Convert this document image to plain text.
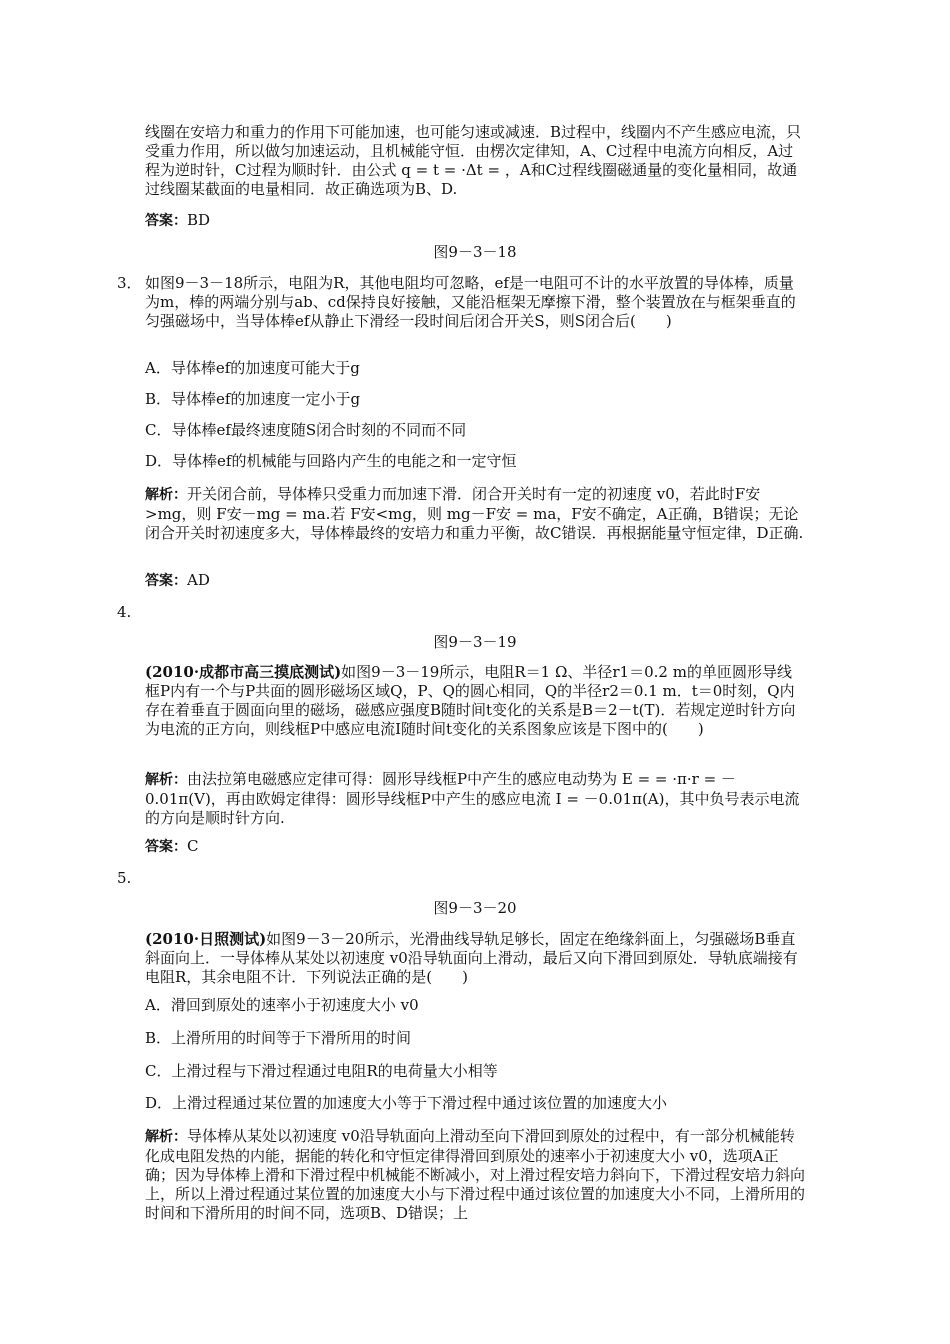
线圈在安培力和重力的作用下可能加速，也可能匀速或减速．B过程中，线圈内不产生感应电流，只受重力作用，所以做匀加速运动，且机械能守恒．由楞次定律知，A、C过程中电流方向相反，A过程为逆时针，C过程为顺时针．由公式 q = t = ·Δt = ，A和C过程线圈磁通量的变化量相同，故通过线圈某截面的电量相同．故正确选项为B、D.
答案：BD
图9－3－18
3． 如图9－3－18所示，电阻为R，其他电阻均可忽略，ef是一电阻可不计的水平放置的导体棒，质量为m，棒的两端分别与ab、cd保持良好接触，又能沿框架无摩擦下滑，整个装置放在与框架垂直的匀强磁场中，当导体棒ef从静止下滑经一段时间后闭合开关S，则S闭合后(　　)
A．导体棒ef的加速度可能大于g
B．导体棒ef的加速度一定小于g
C．导体棒ef最终速度随S闭合时刻的不同而不同
D．导体棒ef的机械能与回路内产生的电能之和一定守恒
解析：开关闭合前，导体棒只受重力而加速下滑．闭合开关时有一定的初速度 v0，若此时F安>mg，则 F安－mg = ma.若 F安<mg，则 mg－F安 = ma，F安不确定，A正确，B错误；无论闭合开关时初速度多大，导体棒最终的安培力和重力平衡，故C错误．再根据能量守恒定律，D正确.
答案：AD
4.
图9－3－19
(2010·成都市高三摸底测试)如图9－3－19所示，电阻R＝1 Ω、半径r1＝0.2 m的单匝圆形导线框P内有一个与P共面的圆形磁场区域Q，P、Q的圆心相同，Q的半径r2＝0.1 m．t＝0时刻，Q内存在着垂直于圆面向里的磁场，磁感应强度B随时间t变化的关系是B＝2－t(T)．若规定逆时针方向为电流的正方向，则线框P中感应电流I随时间t变化的关系图象应该是下图中的(　　)
解析：由法拉第电磁感应定律可得：圆形导线框P中产生的感应电动势为 E = = ·π·r = －0.01π(V)，再由欧姆定律得：圆形导线框P中产生的感应电流 I = －0.01π(A)，其中负号表示电流的方向是顺时针方向.
答案：C
5.
图9－3－20
(2010·日照测试)如图9－3－20所示，光滑曲线导轨足够长，固定在绝缘斜面上，匀强磁场B垂直斜面向上．一导体棒从某处以初速度 v0沿导轨面向上滑动，最后又向下滑回到原处．导轨底端接有电阻R，其余电阻不计．下列说法正确的是(　　)
A．滑回到原处的速率小于初速度大小 v0
B．上滑所用的时间等于下滑所用的时间
C．上滑过程与下滑过程通过电阻R的电荷量大小相等
D．上滑过程通过某位置的加速度大小等于下滑过程中通过该位置的加速度大小
解析：导体棒从某处以初速度 v0沿导轨面向上滑动至向下滑回到原处的过程中，有一部分机械能转化成电阻发热的内能，据能的转化和守恒定律得滑回到原处的速率小于初速度大小 v0，选项A正确；因为导体棒上滑和下滑过程中机械能不断减小，对上滑过程安培力斜向下，下滑过程安培力斜向上，所以上滑过程通过某位置的加速度大小与下滑过程中通过该位置的加速度大小不同，上滑所用的时间和下滑所用的时间不同，选项B、D错误；上
